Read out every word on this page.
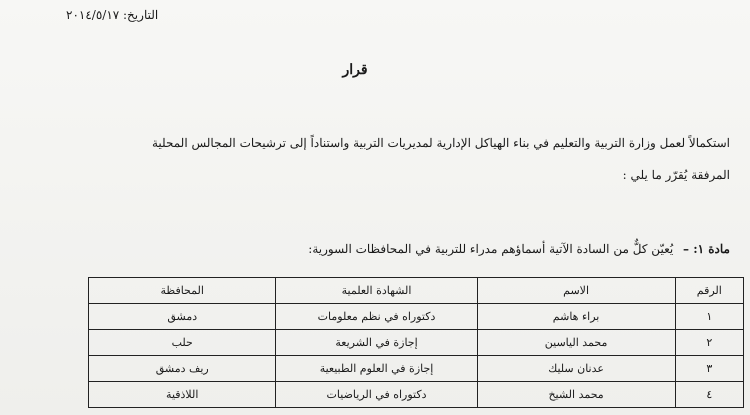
التاريخ: ٢٠١٤/٥/١٧
قرار
استكمالاً لعمل وزارة التربية والتعليم في بناء الهياكل الإدارية لمديريات التربية واستناداً إلى ترشيحات المجالس المحلية
المرفقة يُقرّر ما يلي :
مادة ١: – يُعيّن كلٌّ من السادة الآتية أسماؤهم مدراء للتربية في المحافظات السورية:
الرقم	الاسم	الشهادة العلمية	المحافظة
١	براء هاشم	دكتوراه في نظم معلومات	دمشق
٢	محمد الياسين	إجازة في الشريعة	حلب
٣	عدنان سليك	إجازة في العلوم الطبيعية	ريف دمشق
٤	محمد الشيخ	دكتوراه في الرياضيات	اللاذقية
